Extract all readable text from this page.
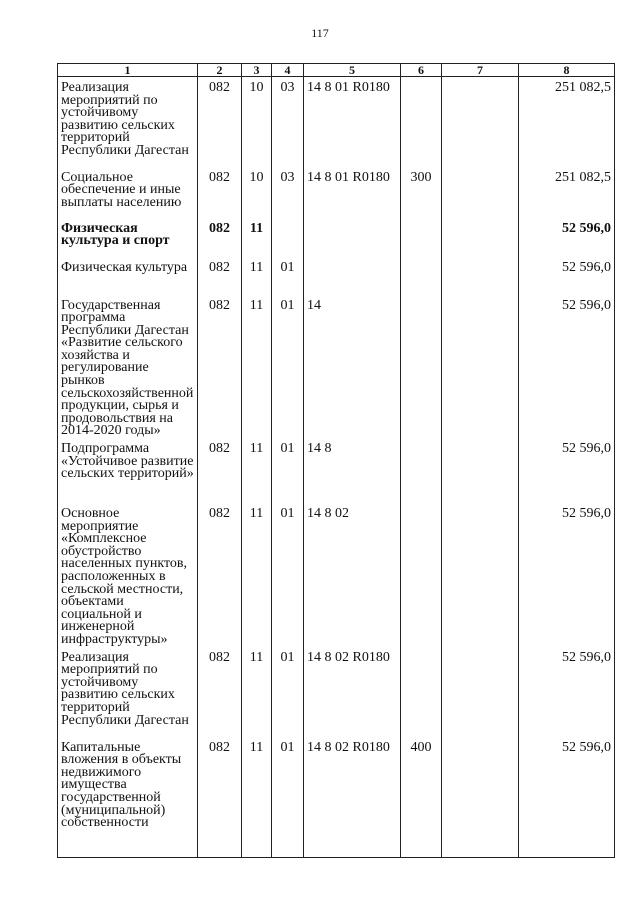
117
1	2	3	4	5	6	7	8
Реализация мероприятий по устойчивому развитию сельских территорий Республики Дагестан	082	10	03	14 8 01 R0180			251 082,5
Социальное обеспечение и иные выплаты населению	082	10	03	14 8 01 R0180	300		251 082,5
Физическая культура и спорт	082	11					52 596,0
Физическая культура	082	11	01				52 596,0
Государственная программа Республики Дагестан «Развитие сельского хозяйства и регулирование рынков сельскохозяйственной продукции, сырья и продовольствия на 2014-2020 годы»	082	11	01	14			52 596,0
Подпрограмма «Устойчивое развитие сельских территорий»	082	11	01	14 8			52 596,0
Основное мероприятие «Комплексное обустройство населенных пунктов, расположенных в сельской местности, объектами социальной и инженерной инфраструктуры»	082	11	01	14 8 02			52 596,0
Реализация мероприятий по устойчивому развитию сельских территорий Республики Дагестан	082	11	01	14 8 02 R0180			52 596,0
Капитальные вложения в объекты недвижимого имущества государственной (муниципальной) собственности	082	11	01	14 8 02 R0180	400		52 596,0
